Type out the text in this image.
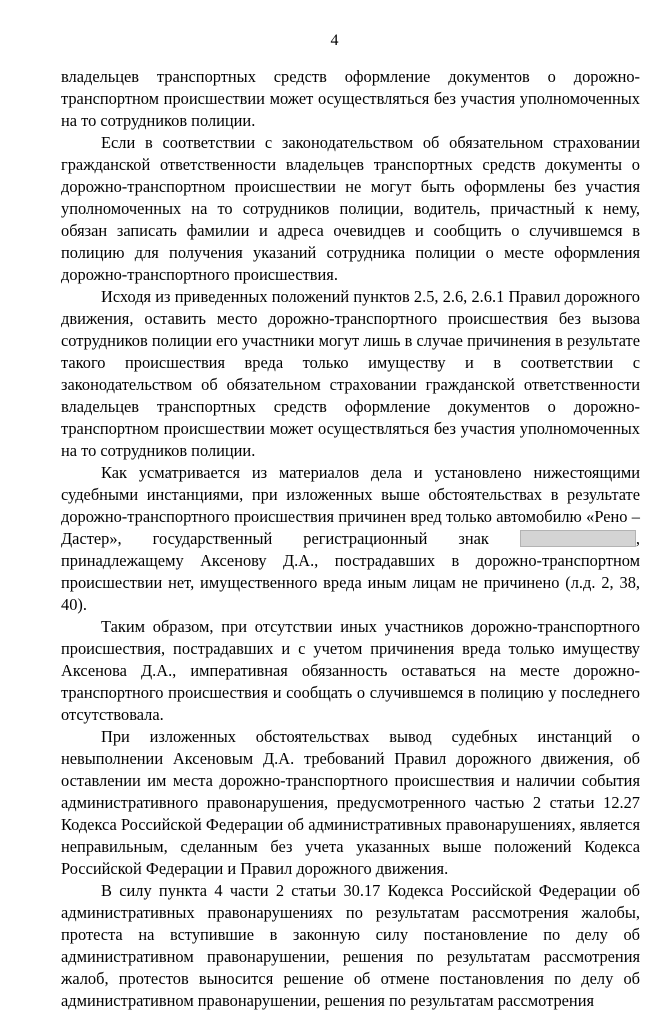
4

владельцев транспортных средств оформление документов о дорожно-транспортном происшествии может осуществляться без участия уполномоченных на то сотрудников полиции.

Если в соответствии с законодательством об обязательном страховании гражданской ответственности владельцев транспортных средств документы о дорожно-транспортном происшествии не могут быть оформлены без участия уполномоченных на то сотрудников полиции, водитель, причастный к нему, обязан записать фамилии и адреса очевидцев и сообщить о случившемся в полицию для получения указаний сотрудника полиции о месте оформления дорожно-транспортного происшествия.

Исходя из приведенных положений пунктов 2.5, 2.6, 2.6.1 Правил дорожного движения, оставить место дорожно-транспортного происшествия без вызова сотрудников полиции его участники могут лишь в случае причинения в результате такого происшествия вреда только имуществу и в соответствии с законодательством об обязательном страховании гражданской ответственности владельцев транспортных средств оформление документов о дорожно-транспортном происшествии может осуществляться без участия уполномоченных на то сотрудников полиции.

Как усматривается из материалов дела и установлено нижестоящими судебными инстанциями, при изложенных выше обстоятельствах в результате дорожно-транспортного происшествия причинен вред только автомобилю «Рено – Дастер», государственный регистрационный знак	, принадлежащему Аксенову Д.А., пострадавших в дорожно-транспортном происшествии нет, имущественного вреда иным лицам не причинено (л.д. 2, 38, 40).

Таким образом, при отсутствии иных участников дорожно-транспортного происшествия, пострадавших и с учетом причинения вреда только имуществу Аксенова Д.А., императивная обязанность оставаться на месте дорожно-транспортного происшествия и сообщать о случившемся в полицию у последнего отсутствовала.

При изложенных обстоятельствах вывод судебных инстанций о невыполнении Аксеновым Д.А. требований Правил дорожного движения, об оставлении им места дорожно-транспортного происшествия и наличии события административного правонарушения, предусмотренного частью 2 статьи 12.27 Кодекса Российской Федерации об административных правонарушениях, является неправильным, сделанным без учета указанных выше положений Кодекса Российской Федерации и Правил дорожного движения.

В силу пункта 4 части 2 статьи 30.17 Кодекса Российской Федерации об административных правонарушениях по результатам рассмотрения жалобы, протеста на вступившие в законную силу постановление по делу об административном правонарушении, решения по результатам рассмотрения жалоб, протестов выносится решение об отмене постановления по делу об административном правонарушении, решения по результатам рассмотрения
